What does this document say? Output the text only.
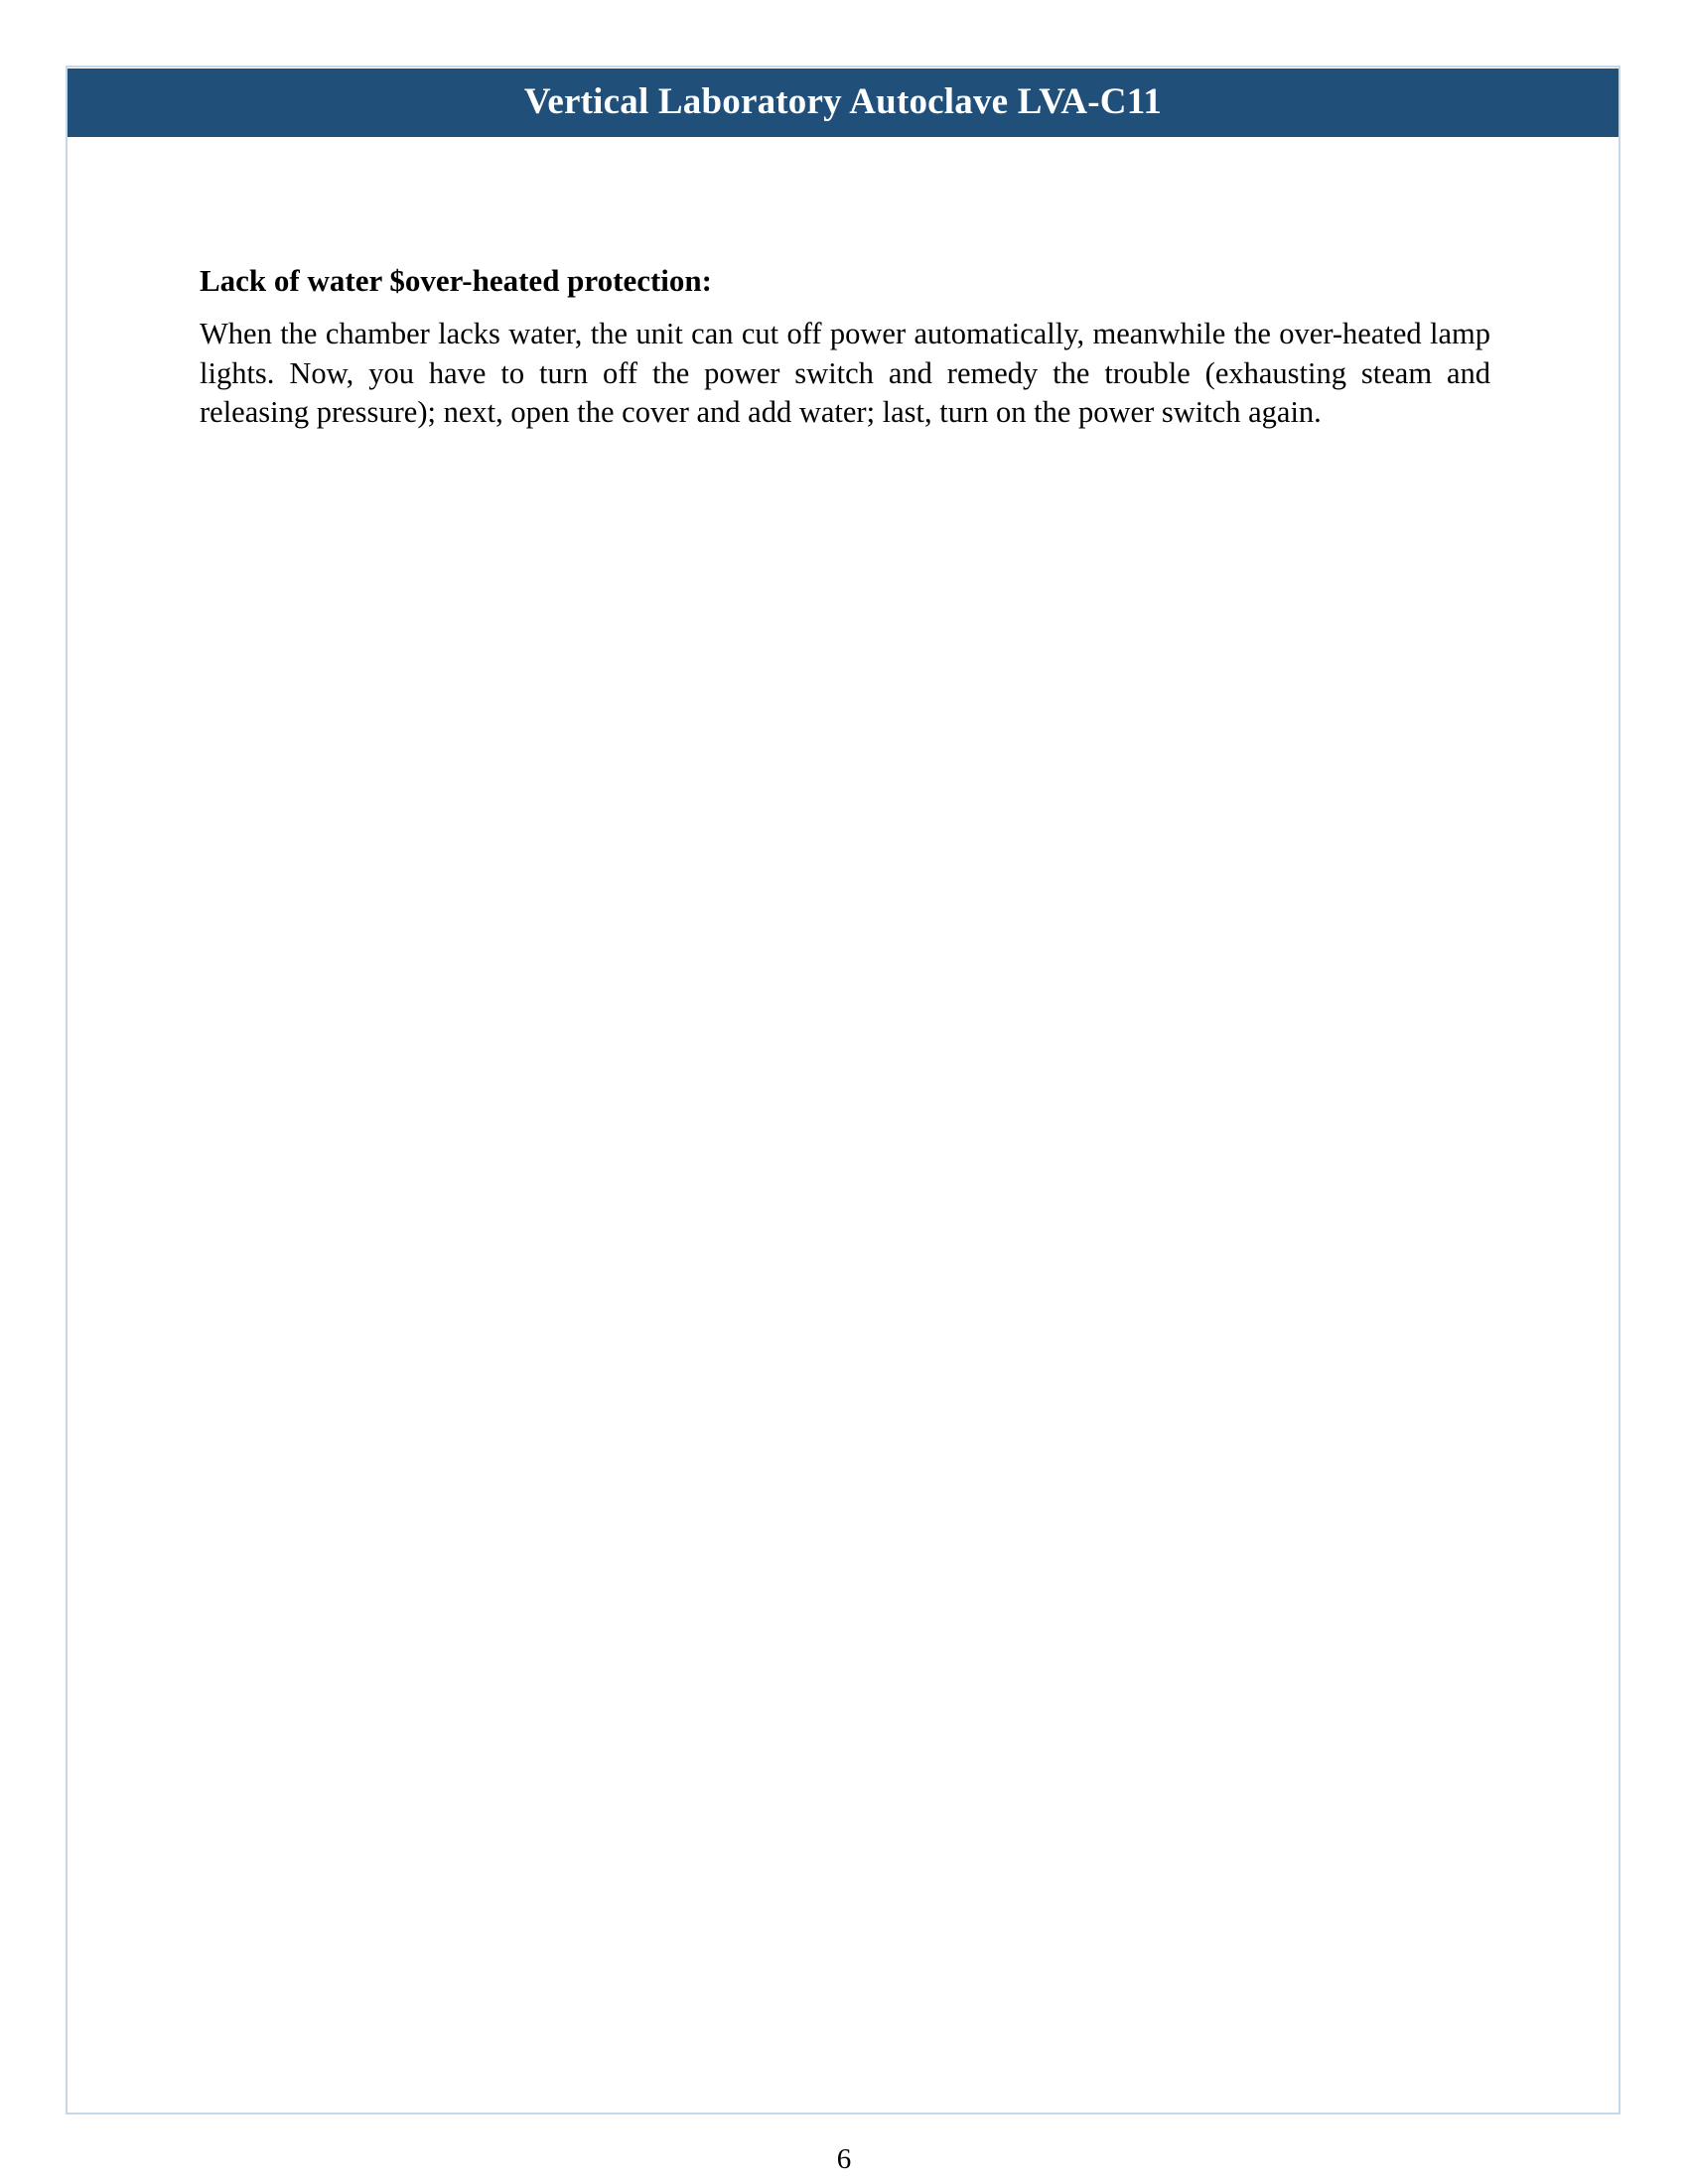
Vertical Laboratory Autoclave LVA-C11
Lack of water $over-heated protection:

When the chamber lacks water, the unit can cut off power automatically, meanwhile the over-heated lamp lights. Now, you have to turn off the power switch and remedy the trouble (exhausting steam and releasing pressure); next, open the cover and add water; last, turn on the power switch again.

6
